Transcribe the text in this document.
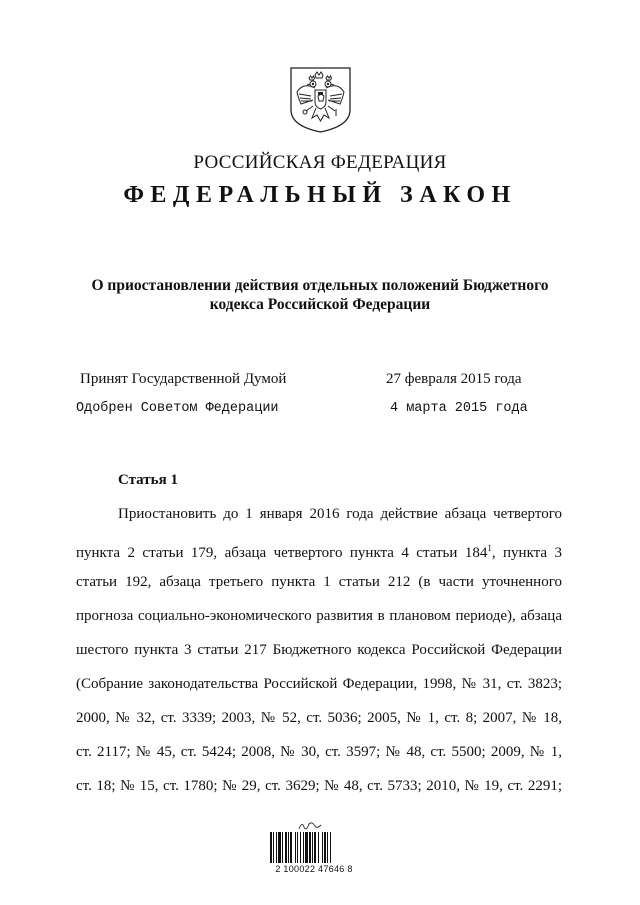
РОССИЙСКАЯ ФЕДЕРАЦИЯ
ФЕДЕРАЛЬНЫЙ ЗАКОН
О приостановлении действия отдельных положений Бюджетного
кодекса Российской Федерации
Принят Государственной Думой	27 февраля 2015 года
Одобрен Советом Федерации	4 марта 2015 года
Статья 1
Приостановить до 1 января 2016 года действие абзаца четвертого
пункта 2 статьи 179, абзаца четвертого пункта 4 статьи $184^1$, пункта 3
статьи 192, абзаца третьего пункта 1 статьи 212 (в части уточненного
прогноза социально-экономического развития в плановом периоде), абзаца
шестого пункта 3 статьи 217 Бюджетного кодекса Российской Федерации
(Собрание законодательства Российской Федерации, 1998, № 31, ст. 3823;
2000, № 32, ст. 3339; 2003, № 52, ст. 5036; 2005, № 1, ст. 8; 2007, № 18,
ст. 2117; № 45, ст. 5424; 2008, № 30, ст. 3597; № 48, ст. 5500; 2009, № 1,
ст. 18; № 15, ст. 1780; № 29, ст. 3629; № 48, ст. 5733; 2010, № 19, ст. 2291;
2 100022 47646 8
